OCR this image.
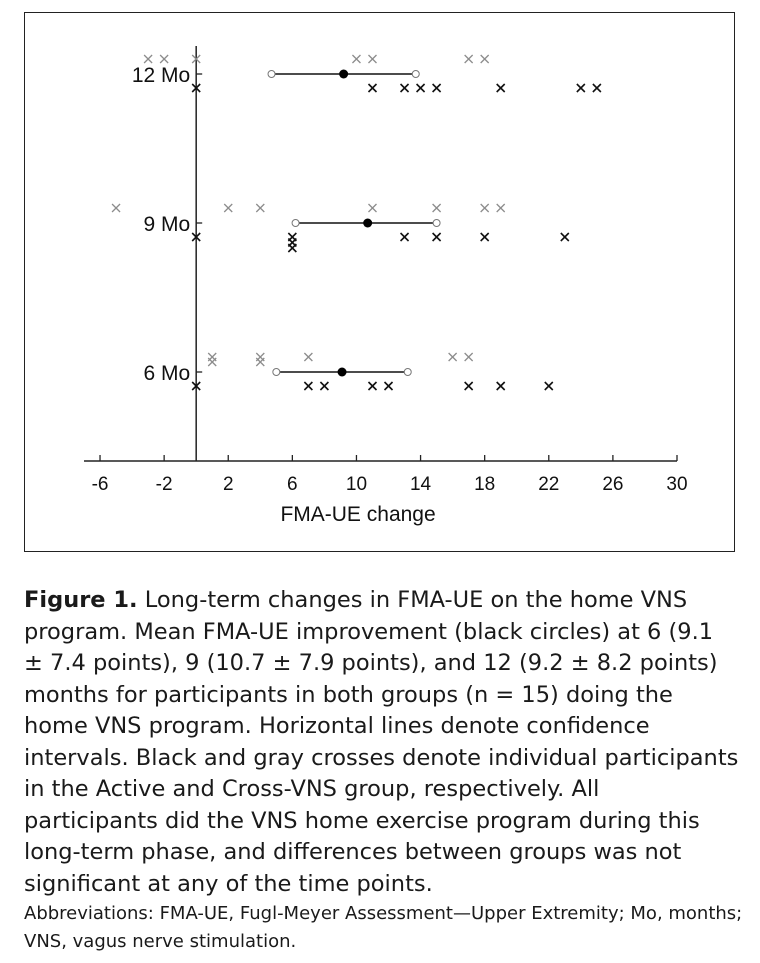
-6 -2	2	6	10 14 18 22 26 30
FMA-UE change
6 Mo
9 Mo
12 Mo
Figure 1. Long-term changes in FMA-UE on the home VNS program. Mean FMA-UE improvement (black circles) at 6 (9.1 ± 7.4 points), 9 (10.7 ± 7.9 points), and 12 (9.2 ± 8.2 points) months for participants in both groups (n = 15) doing the home VNS program. Horizontal lines denote confidence intervals. Black and gray crosses denote individual participants in the Active and Cross-VNS group, respectively. All participants did the VNS home exercise program during this long-term phase, and differences between groups was not significant at any of the time points.
Abbreviations: FMA-UE, Fugl-Meyer Assessment—Upper Extremity; Mo, months; VNS, vagus nerve stimulation.
